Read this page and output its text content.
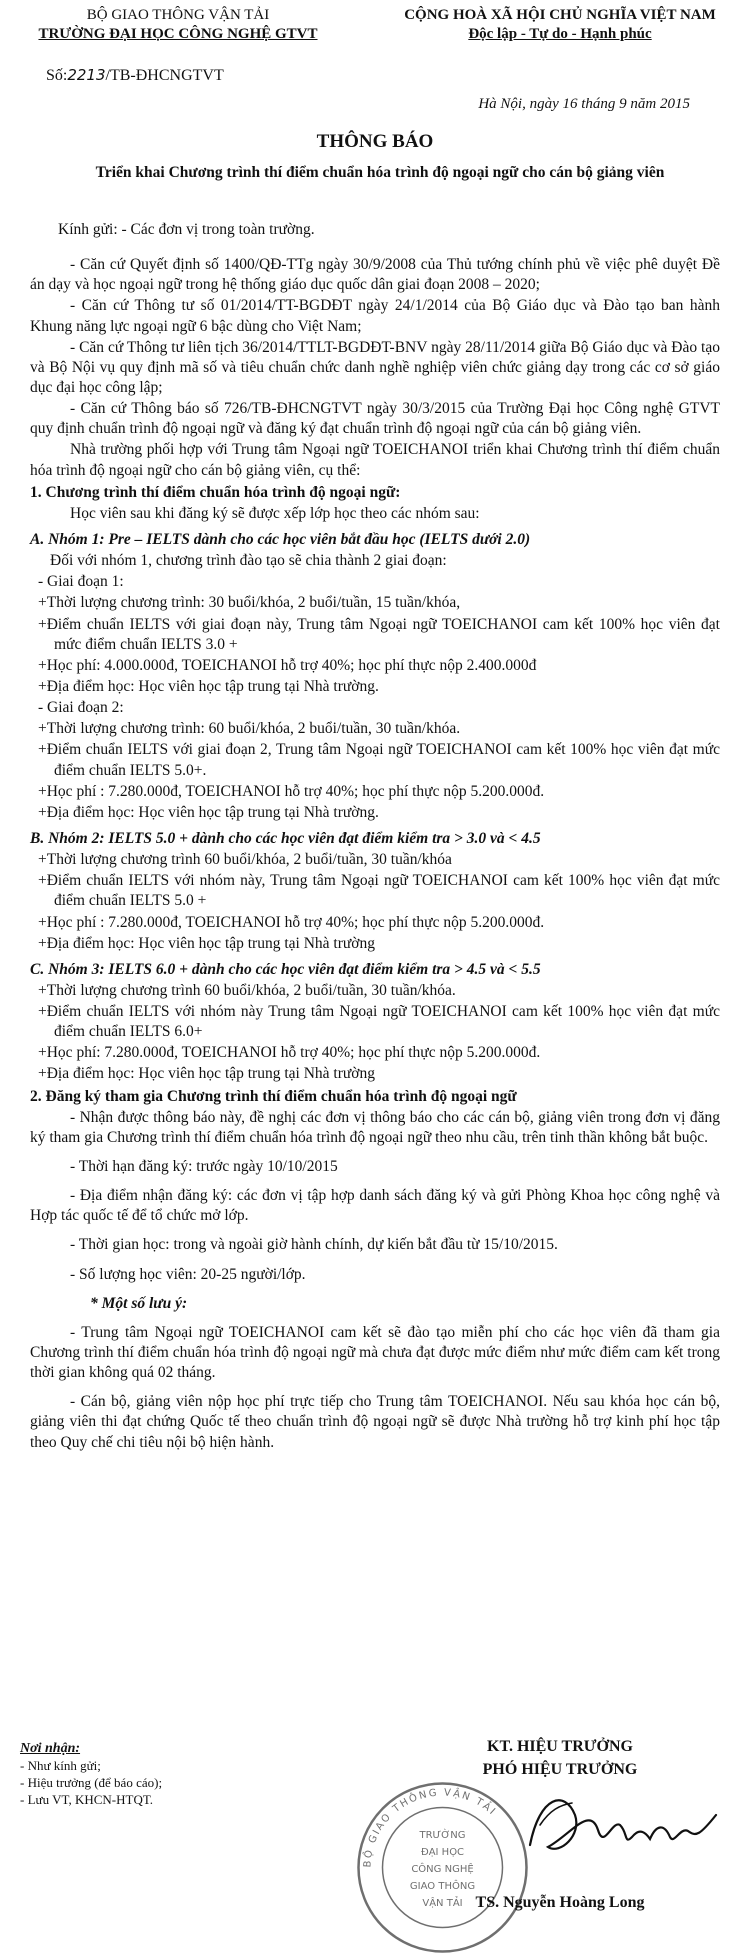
BỘ GIAO THÔNG VẬN TẢI
TRƯỜNG ĐẠI HỌC CÔNG NGHỆ GTVT
CỘNG HOÀ XÃ HỘI CHỦ NGHĨA VIỆT NAM
Độc lập - Tự do - Hạnh phúc
Số:2213/TB-ĐHCNGTVT
Hà Nội, ngày 16 tháng 9 năm 2015
THÔNG BÁO
Triển khai Chương trình thí điểm chuẩn hóa trình độ ngoại ngữ cho cán bộ giảng viên
Kính gửi: - Các đơn vị trong toàn trường.
- Căn cứ Quyết định số 1400/QĐ-TTg ngày 30/9/2008 của Thủ tướng chính phủ về việc phê duyệt Đề án dạy và học ngoại ngữ trong hệ thống giáo dục quốc dân giai đoạn 2008 – 2020;
- Căn cứ Thông tư số 01/2014/TT-BGDĐT ngày 24/1/2014 của Bộ Giáo dục và Đào tạo ban hành Khung năng lực ngoại ngữ 6 bậc dùng cho Việt Nam;
- Căn cứ Thông tư liên tịch 36/2014/TTLT-BGDĐT-BNV ngày 28/11/2014 giữa Bộ Giáo dục và Đào tạo và Bộ Nội vụ quy định mã số và tiêu chuẩn chức danh nghề nghiệp viên chức giảng dạy trong các cơ sở giáo dục đại học công lập;
- Căn cứ Thông báo số 726/TB-ĐHCNGTVT ngày 30/3/2015 của Trường Đại học Công nghệ GTVT quy định chuẩn trình độ ngoại ngữ và đăng ký đạt chuẩn trình độ ngoại ngữ của cán bộ giảng viên.
Nhà trường phối hợp với Trung tâm Ngoại ngữ TOEICHANOI triển khai Chương trình thí điểm chuẩn hóa trình độ ngoại ngữ cho cán bộ giảng viên, cụ thể:
1. Chương trình thí điểm chuẩn hóa trình độ ngoại ngữ:
Học viên sau khi đăng ký sẽ được xếp lớp học theo các nhóm sau:
A. Nhóm 1: Pre – IELTS dành cho các học viên bắt đầu học (IELTS dưới 2.0)
Đối với nhóm 1, chương trình đào tạo sẽ chia thành 2 giai đoạn:
- Giai đoạn 1:
+Thời lượng chương trình: 30 buổi/khóa, 2 buổi/tuần, 15 tuần/khóa,
+Điểm chuẩn IELTS với giai đoạn này, Trung tâm Ngoại ngữ TOEICHANOI cam kết 100% học viên đạt mức điểm chuẩn IELTS 3.0 +
+Học phí: 4.000.000đ, TOEICHANOI hỗ trợ 40%; học phí thực nộp 2.400.000đ
+Địa điểm học: Học viên học tập trung tại Nhà trường.
- Giai đoạn 2:
+Thời lượng chương trình: 60 buổi/khóa, 2 buổi/tuần, 30 tuần/khóa.
+Điểm chuẩn IELTS với giai đoạn 2, Trung tâm Ngoại ngữ TOEICHANOI cam kết 100% học viên đạt mức điểm chuẩn IELTS 5.0+.
+Học phí : 7.280.000đ, TOEICHANOI hỗ trợ 40%; học phí thực nộp 5.200.000đ.
+Địa điểm học: Học viên học tập trung tại Nhà trường.
B. Nhóm 2: IELTS 5.0 + dành cho các học viên đạt điểm kiểm tra > 3.0 và < 4.5
+Thời lượng chương trình 60 buổi/khóa, 2 buổi/tuần, 30 tuần/khóa
+Điểm chuẩn IELTS với nhóm này, Trung tâm Ngoại ngữ TOEICHANOI cam kết 100% học viên đạt mức điểm chuẩn IELTS 5.0 +
+Học phí : 7.280.000đ, TOEICHANOI hỗ trợ 40%; học phí thực nộp 5.200.000đ.
+Địa điểm học: Học viên học tập trung tại Nhà trường
C. Nhóm 3: IELTS 6.0 + dành cho các học viên đạt điểm kiểm tra > 4.5 và < 5.5
+Thời lượng chương trình 60 buổi/khóa, 2 buổi/tuần, 30 tuần/khóa.
+Điểm chuẩn IELTS với nhóm này Trung tâm Ngoại ngữ TOEICHANOI cam kết 100% học viên đạt mức điểm chuẩn IELTS 6.0+
+Học phí: 7.280.000đ, TOEICHANOI hỗ trợ 40%; học phí thực nộp 5.200.000đ.
+Địa điểm học: Học viên học tập trung tại Nhà trường
2. Đăng ký tham gia Chương trình thí điểm chuẩn hóa trình độ ngoại ngữ
- Nhận được thông báo này, đề nghị các đơn vị thông báo cho các cán bộ, giảng viên trong đơn vị đăng ký tham gia Chương trình thí điểm chuẩn hóa trình độ ngoại ngữ theo nhu cầu, trên tinh thần không bắt buộc.
- Thời hạn đăng ký: trước ngày 10/10/2015
- Địa điểm nhận đăng ký: các đơn vị tập hợp danh sách đăng ký và gửi Phòng Khoa học công nghệ và Hợp tác quốc tế để tổ chức mở lớp.
- Thời gian học: trong và ngoài giờ hành chính, dự kiến bắt đầu từ 15/10/2015.
- Số lượng học viên: 20-25 người/lớp.
* Một số lưu ý:
- Trung tâm Ngoại ngữ TOEICHANOI cam kết sẽ đào tạo miễn phí cho các học viên đã tham gia Chương trình thí điểm chuẩn hóa trình độ ngoại ngữ mà chưa đạt được mức điểm như mức điểm cam kết trong thời gian không quá 02 tháng.
- Cán bộ, giảng viên nộp học phí trực tiếp cho Trung tâm TOEICHANOI. Nếu sau khóa học cán bộ, giảng viên thi đạt chứng Quốc tế theo chuẩn trình độ ngoại ngữ sẽ được Nhà trường hỗ trợ kinh phí học tập theo Quy chế chi tiêu nội bộ hiện hành.
Nơi nhận:
- Như kính gửi;
- Hiệu trưởng (để báo cáo);
- Lưu VT, KHCN-HTQT.
KT. HIỆU TRƯỞNG
PHÓ HIỆU TRƯỞNG
BỘ GIAO THÔNG VẬN TẢI
TRƯỜNG
ĐẠI HỌC
CÔNG NGHỆ
GIAO THÔNG
VẬN TẢI TS. Nguyễn Hoàng Long
